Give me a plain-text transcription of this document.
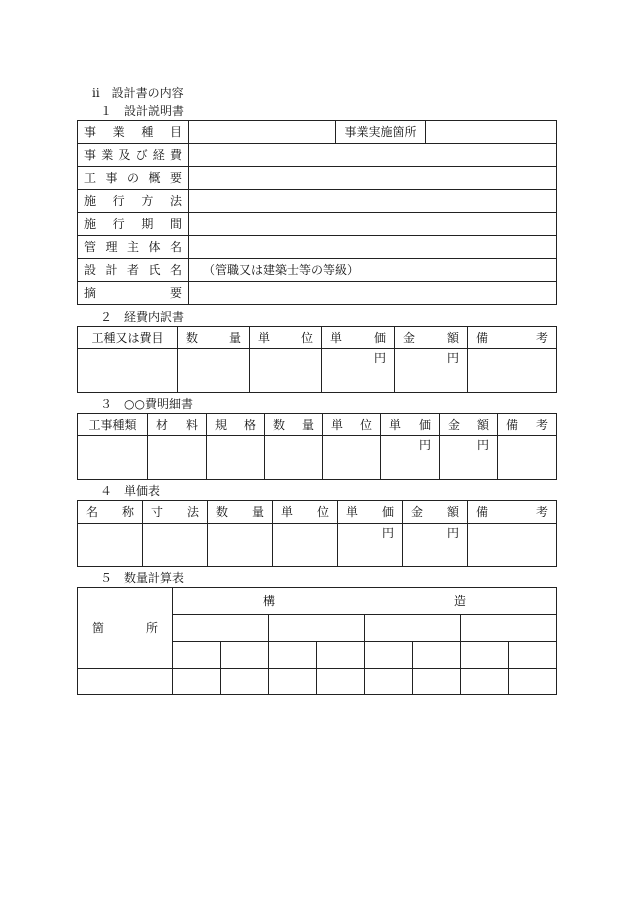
ⅱ　設計書の内容
１　設計説明書
事業種目		事業実施箇所	
事業及び経費			
工事の概要			
施行方法			
施行期間			
管理主体名			
設計者氏名	（管職又は建築士等の等級）		
摘要			
２　経費内訳書
工種又は費目	数量	単位	単価	金額	備考
			円	円	
３　○○費明細書
工事種類	材料	規格	数量	単位	単価	金額	備考
					円	円	
４　単価表
名称	寸法	数量	単位	単価	金額	備考
				円	円	
５　数量計算表
箇所	構 造							
